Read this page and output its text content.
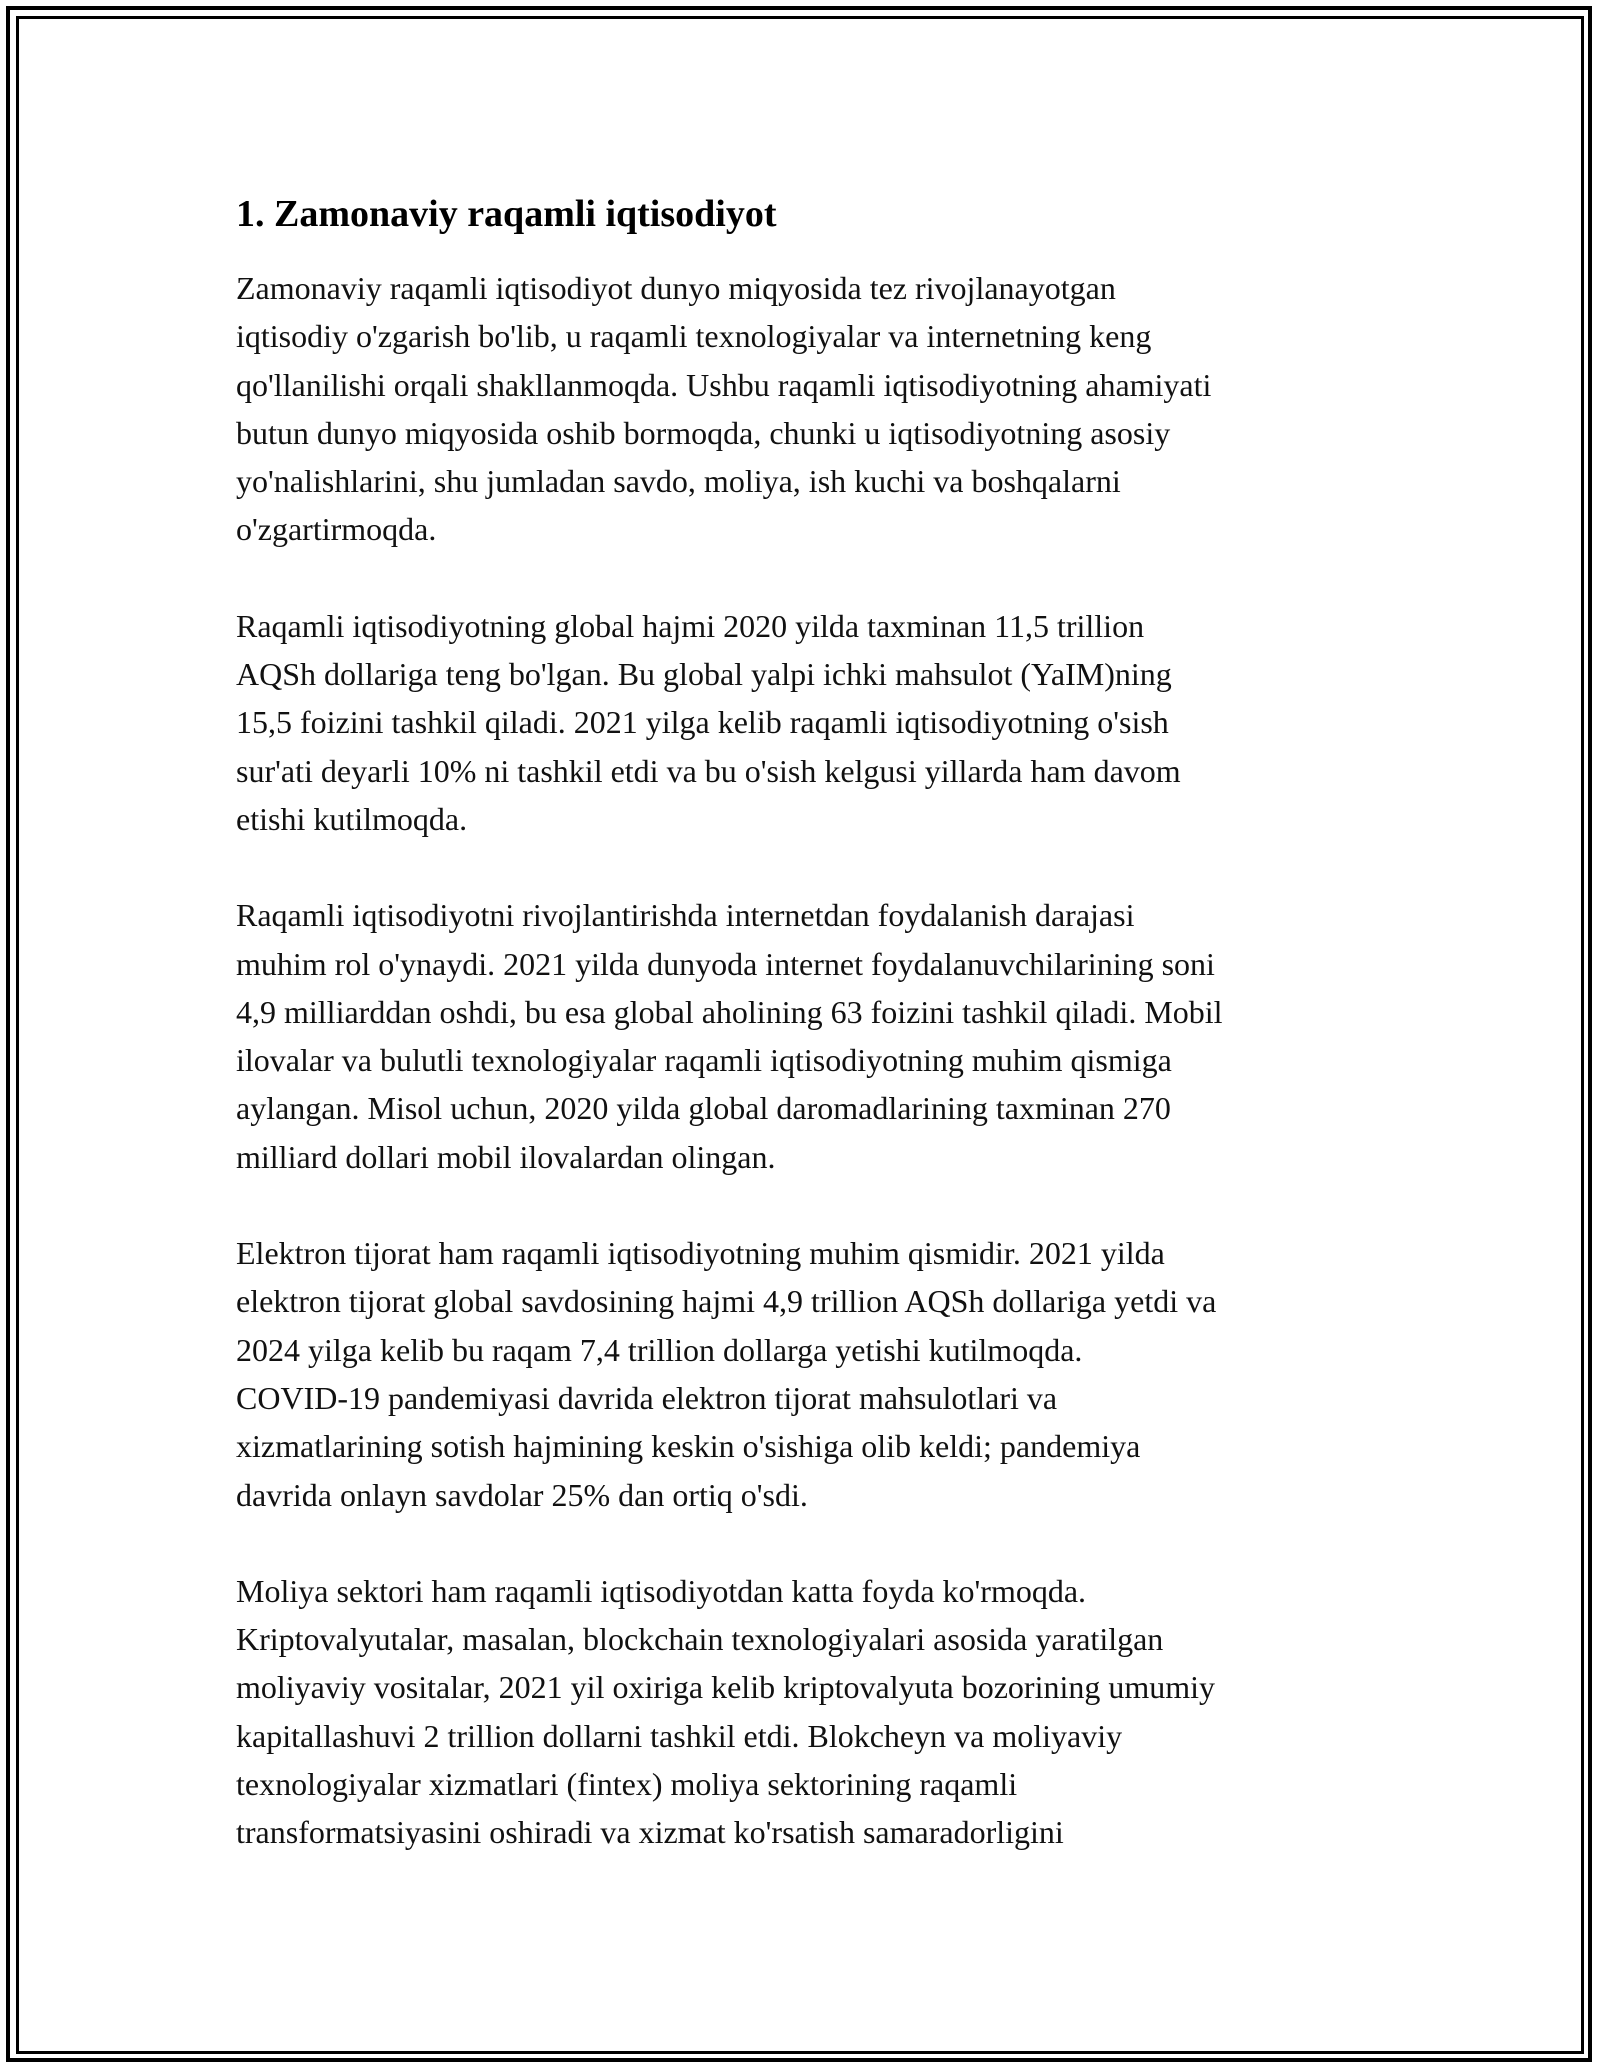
1. Zamonaviy raqamli iqtisodiyot

Zamonaviy raqamli iqtisodiyot dunyo miqyosida tez rivojlanayotgan
iqtisodiy o'zgarish bo'lib, u raqamli texnologiyalar va internetning keng
qo'llanilishi orqali shakllanmoqda. Ushbu raqamli iqtisodiyotning ahamiyati
butun dunyo miqyosida oshib bormoqda, chunki u iqtisodiyotning asosiy
yo'nalishlarini, shu jumladan savdo, moliya, ish kuchi va boshqalarni
o'zgartirmoqda.

Raqamli iqtisodiyotning global hajmi 2020 yilda taxminan 11,5 trillion
AQSh dollariga teng bo'lgan. Bu global yalpi ichki mahsulot (YaIM)ning
15,5 foizini tashkil qiladi. 2021 yilga kelib raqamli iqtisodiyotning o'sish
sur'ati deyarli 10% ni tashkil etdi va bu o'sish kelgusi yillarda ham davom
etishi kutilmoqda.

Raqamli iqtisodiyotni rivojlantirishda internetdan foydalanish darajasi
muhim rol o'ynaydi. 2021 yilda dunyoda internet foydalanuvchilarining soni
4,9 milliarddan oshdi, bu esa global aholining 63 foizini tashkil qiladi. Mobil
ilovalar va bulutli texnologiyalar raqamli iqtisodiyotning muhim qismiga
aylangan. Misol uchun, 2020 yilda global daromadlarining taxminan 270
milliard dollari mobil ilovalardan olingan.

Elektron tijorat ham raqamli iqtisodiyotning muhim qismidir. 2021 yilda
elektron tijorat global savdosining hajmi 4,9 trillion AQSh dollariga yetdi va
2024 yilga kelib bu raqam 7,4 trillion dollarga yetishi kutilmoqda.
COVID-19 pandemiyasi davrida elektron tijorat mahsulotlari va
xizmatlarining sotish hajmining keskin o'sishiga olib keldi; pandemiya
davrida onlayn savdolar 25% dan ortiq o'sdi.

Moliya sektori ham raqamli iqtisodiyotdan katta foyda ko'rmoqda.
Kriptovalyutalar, masalan, blockchain texnologiyalari asosida yaratilgan
moliyaviy vositalar, 2021 yil oxiriga kelib kriptovalyuta bozorining umumiy
kapitallashuvi 2 trillion dollarni tashkil etdi. Blokcheyn va moliyaviy
texnologiyalar xizmatlari (fintex) moliya sektorining raqamli
transformatsiyasini oshiradi va xizmat ko'rsatish samaradorligini
